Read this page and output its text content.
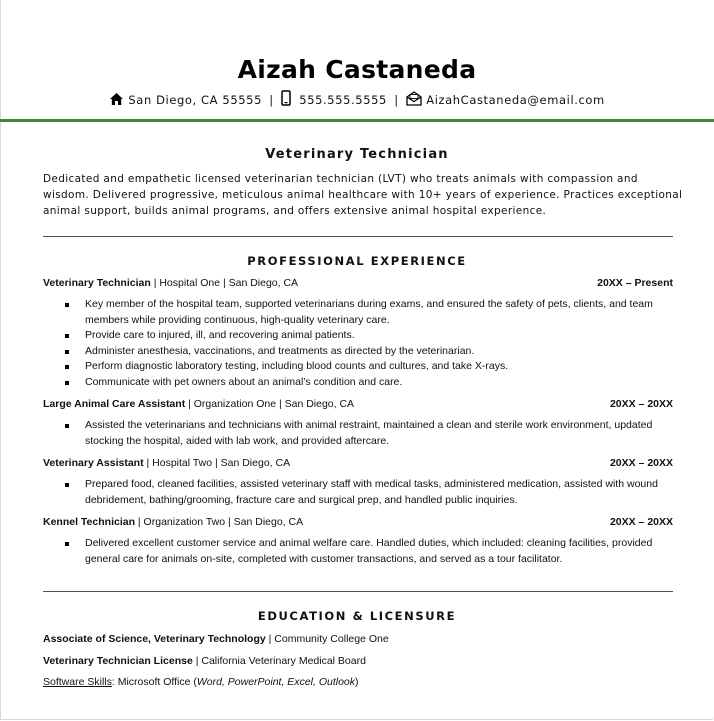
Aizah Castaneda
San Diego, CA 55555 | 555.555.5555 | AizahCastaneda@email.com
Veterinary Technician
Dedicated and empathetic licensed veterinarian technician (LVT) who treats animals with compassion and wisdom. Delivered progressive, meticulous animal healthcare with 10+ years of experience. Practices exceptional animal support, builds animal programs, and offers extensive animal hospital experience.
PROFESSIONAL EXPERIENCE
Veterinary Technician | Hospital One | San Diego, CA	20XX – Present
Key member of the hospital team, supported veterinarians during exams, and ensured the safety of pets, clients, and team members while providing continuous, high-quality veterinary care.
Provide care to injured, ill, and recovering animal patients.
Administer anesthesia, vaccinations, and treatments as directed by the veterinarian.
Perform diagnostic laboratory testing, including blood counts and cultures, and take X-rays.
Communicate with pet owners about an animal’s condition and care.
Large Animal Care Assistant | Organization One | San Diego, CA	20XX – 20XX
Assisted the veterinarians and technicians with animal restraint, maintained a clean and sterile work environment, updated stocking the hospital, aided with lab work, and provided aftercare.
Veterinary Assistant | Hospital Two | San Diego, CA	20XX – 20XX
Prepared food, cleaned facilities, assisted veterinary staff with medical tasks, administered medication, assisted with wound debridement, bathing/grooming, fracture care and surgical prep, and handled public inquiries.
Kennel Technician | Organization Two | San Diego, CA	20XX – 20XX
Delivered excellent customer service and animal welfare care. Handled duties, which included: cleaning facilities, provided general care for animals on-site, completed with customer transactions, and served as a tour facilitator.
EDUCATION & LICENSURE
Associate of Science, Veterinary Technology | Community College One
Veterinary Technician License | California Veterinary Medical Board
Software Skills: Microsoft Office (Word, PowerPoint, Excel, Outlook)
